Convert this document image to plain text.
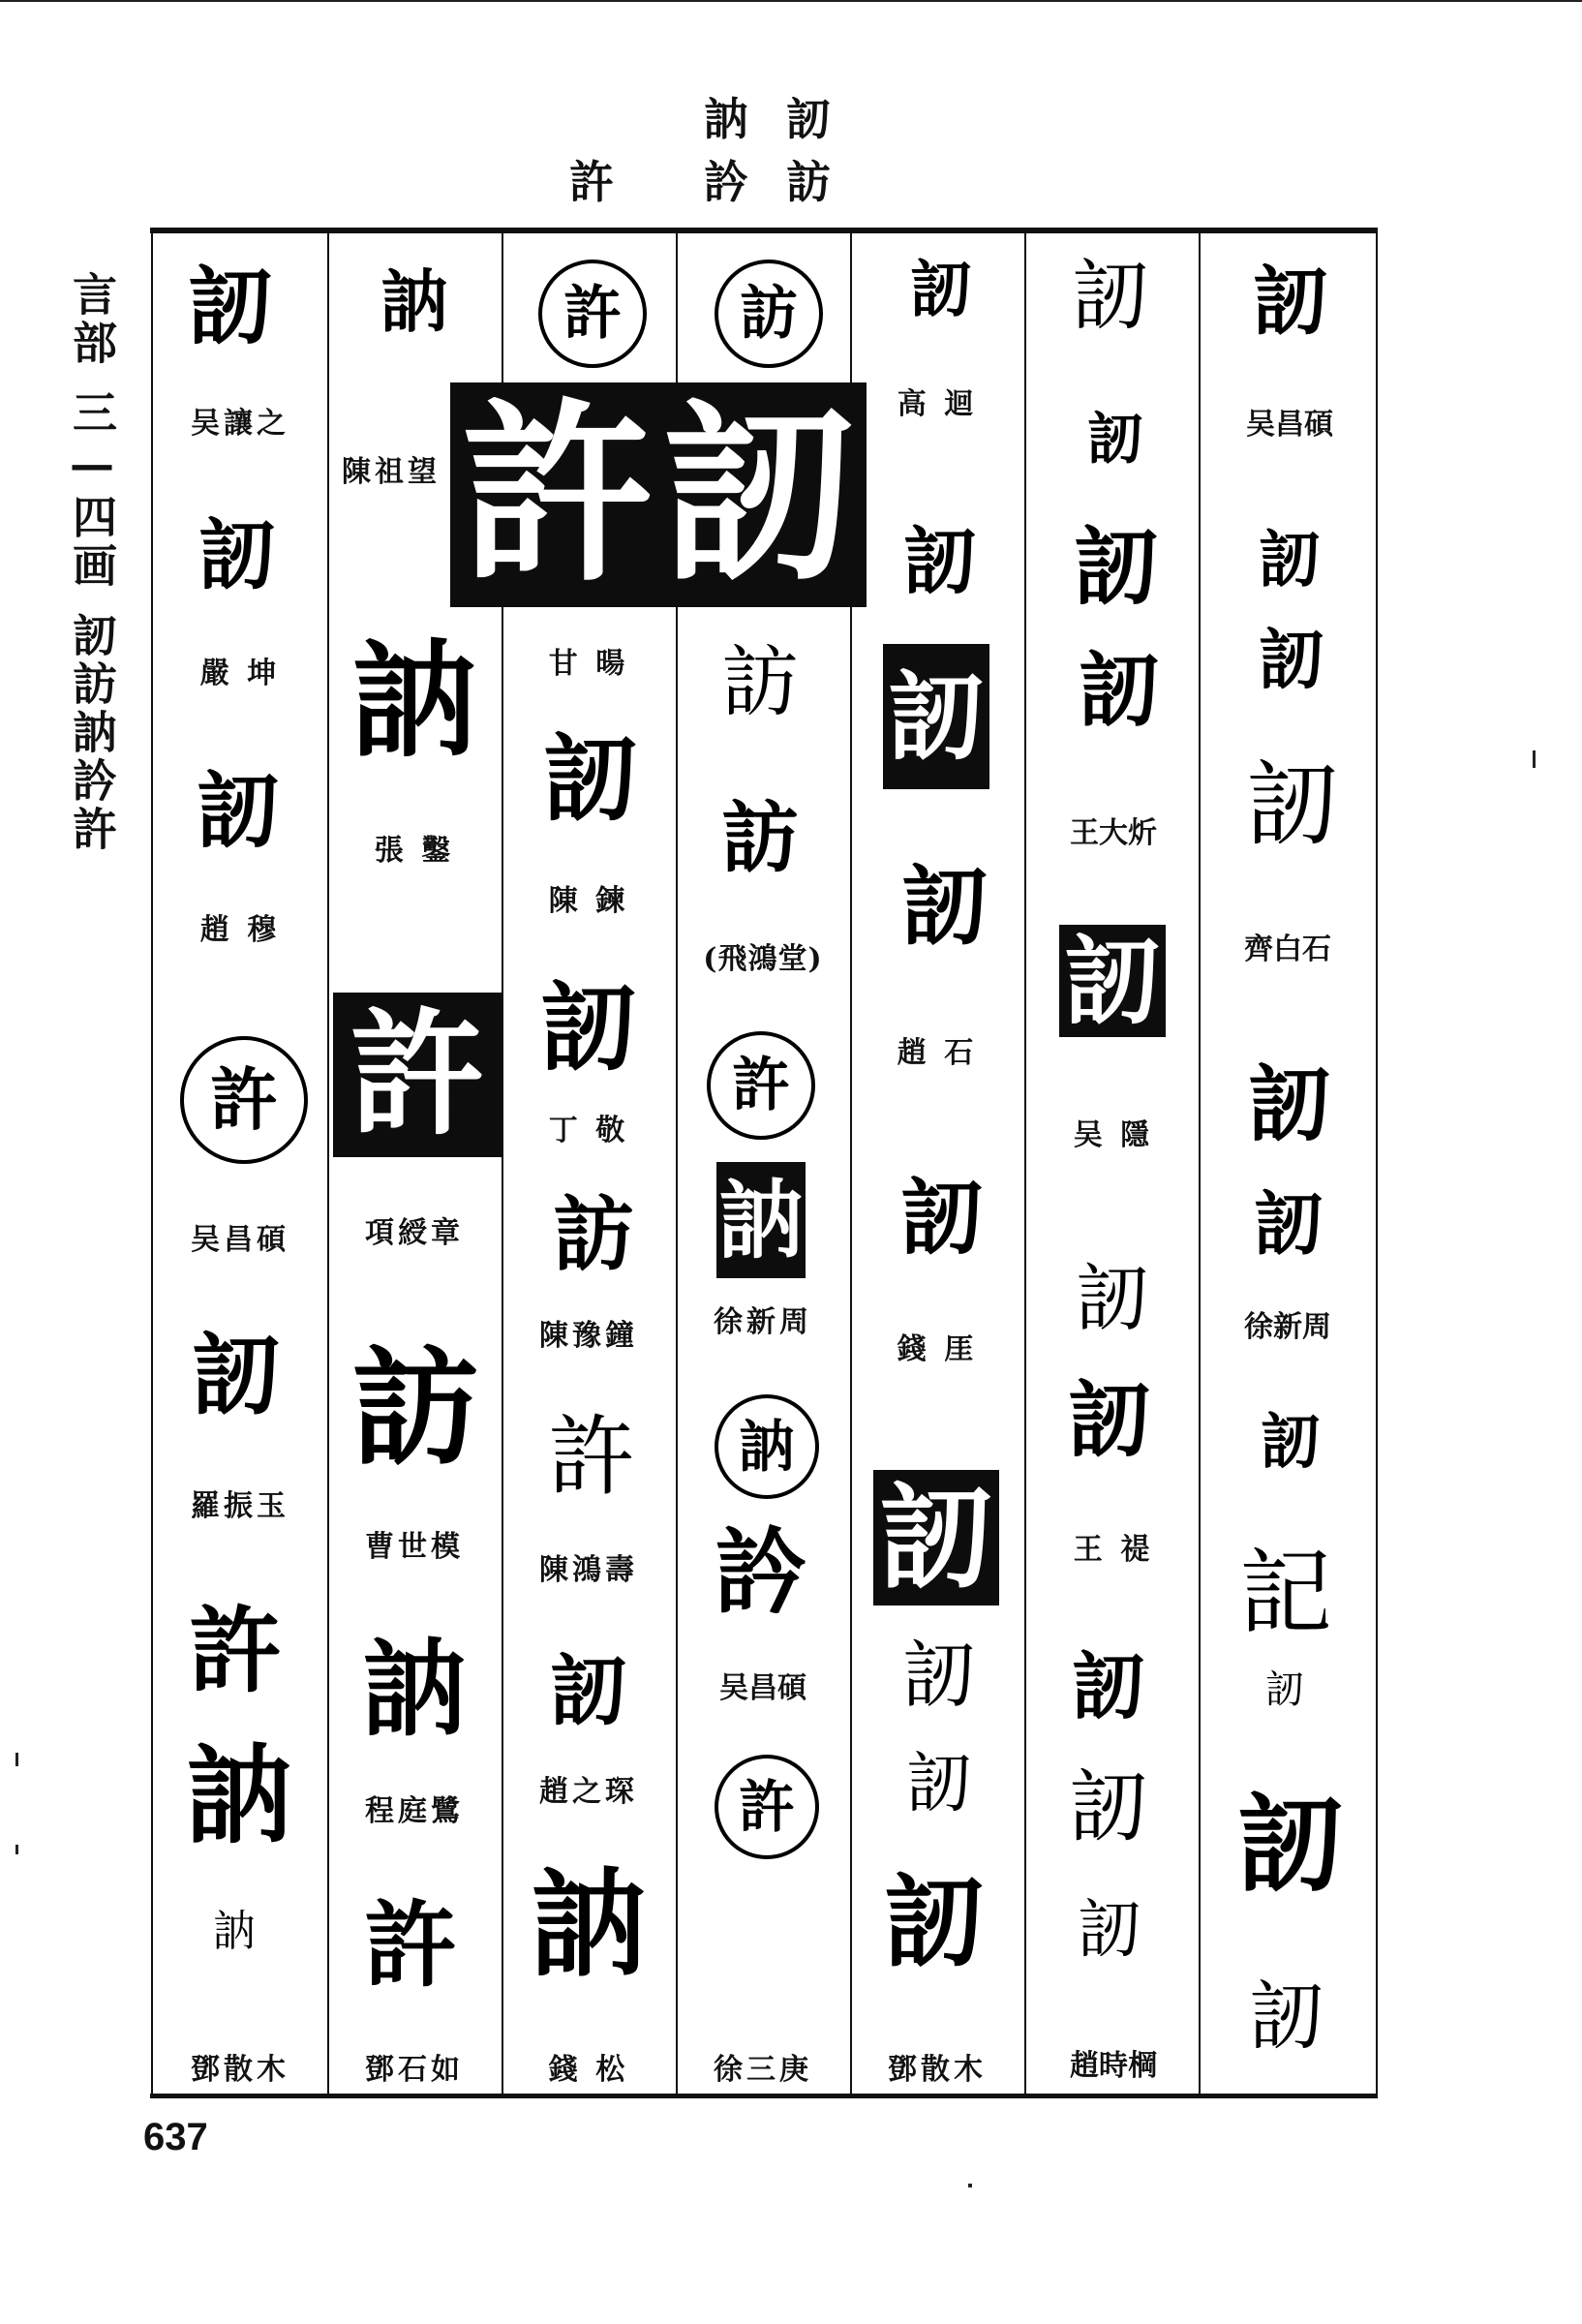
訒
訥
訪
訡
許
言部
三—四画
訒訪訥訡許
訒
吴讓之
訒
嚴 坤
訒
趙 穆
許
吴昌碩
訒
羅振玉
許
訥
訥
鄧散木
訥
陳祖望
訥
張 鑿
許
項綬章
訪
曹世模
訥
程庭鷺
許
鄧石如
許 訒
許
甘 暘
訒
陳 鍊
訒
丁 敬
訪
陳豫鐘
許
陳鴻壽
訒
趙之琛
訥
錢 松
訪
訪
訪
(飛鴻堂)
許
訥
徐新周
訥
訡
吴昌碩
許
徐三庚
訒
高 迴
訒
訒
訒
趙 石
訒
錢 厓
訒
訒
訒
訒
鄧散木
訒
訒
訒
訒
王大炘
訒
吴 隱
訒
訒
王 禔
訒
訒
訒
趙時棡
訒
吴昌碩
訒
訒
訒
齊白石
訒
訒
徐新周
訒
記
訒
訒
訒
637
